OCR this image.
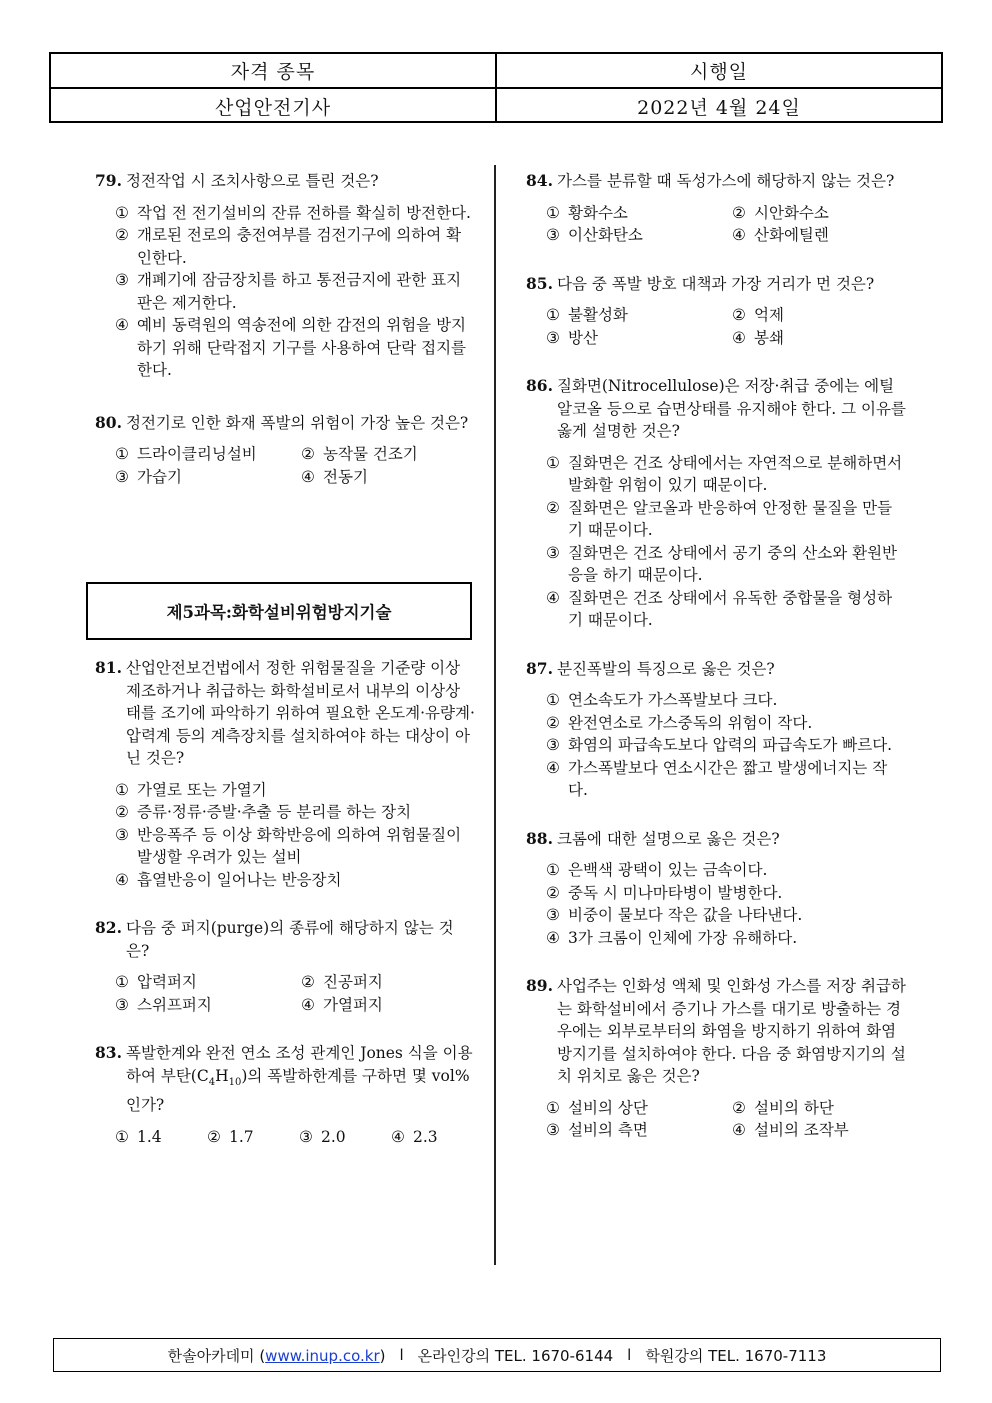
자격 종목	시행일
산업안전기사	2022년 4월 24일
79. 정전작업 시 조치사항으로 틀린 것은?
① 작업 전 전기설비의 잔류 전하를 확실히 방전한다.
② 개로된 전로의 충전여부를 검전기구에 의하여 확인한다.
③ 개폐기에 잠금장치를 하고 통전금지에 관한 표지판은 제거한다.
④ 예비 동력원의 역송전에 의한 감전의 위험을 방지하기 위해 단락접지 기구를 사용하여 단락 접지를 한다.
80. 정전기로 인한 화재 폭발의 위험이 가장 높은 것은?
① 드라이클리닝설비	② 농작물 건조기
③ 가습기	④ 전동기
제5과목:화학설비위험방지기술
81. 산업안전보건법에서 정한 위험물질을 기준량 이상 제조하거나 취급하는 화학설비로서 내부의 이상상태를 조기에 파악하기 위하여 필요한 온도계·유량계·압력계 등의 계측장치를 설치하여야 하는 대상이 아닌 것은?
① 가열로 또는 가열기
② 증류·정류·증발·추출 등 분리를 하는 장치
③ 반응폭주 등 이상 화학반응에 의하여 위험물질이 발생할 우려가 있는 설비
④ 흡열반응이 일어나는 반응장치
82. 다음 중 퍼지(purge)의 종류에 해당하지 않는 것은?
① 압력퍼지	② 진공퍼지
③ 스위프퍼지	④ 가열퍼지
83. 폭발한계와 완전 연소 조성 관계인 Jones 식을 이용하여 부탄$(C_4H_{10})$의 폭발하한계를 구하면 몇 vol% 인가?
① 1.4	② 1.7	③ 2.0	④ 2.3
84. 가스를 분류할 때 독성가스에 해당하지 않는 것은?
① 황화수소	② 시안화수소
③ 이산화탄소	④ 산화에틸렌
85. 다음 중 폭발 방호 대책과 가장 거리가 먼 것은?
① 불활성화	② 억제
③ 방산	④ 봉쇄
86. 질화면(Nitrocellulose)은 저장·취급 중에는 에틸알코올 등으로 습면상태를 유지해야 한다. 그 이유를 옳게 설명한 것은?
① 질화면은 건조 상태에서는 자연적으로 분해하면서 발화할 위험이 있기 때문이다.
② 질화면은 알코올과 반응하여 안정한 물질을 만들기 때문이다.
③ 질화면은 건조 상태에서 공기 중의 산소와 환원반응을 하기 때문이다.
④ 질화면은 건조 상태에서 유독한 중합물을 형성하기 때문이다.
87. 분진폭발의 특징으로 옳은 것은?
① 연소속도가 가스폭발보다 크다.
② 완전연소로 가스중독의 위험이 작다.
③ 화염의 파급속도보다 압력의 파급속도가 빠르다.
④ 가스폭발보다 연소시간은 짧고 발생에너지는 작다.
88. 크롬에 대한 설명으로 옳은 것은?
① 은백색 광택이 있는 금속이다.
② 중독 시 미나마타병이 발병한다.
③ 비중이 물보다 작은 값을 나타낸다.
④ 3가 크롬이 인체에 가장 유해하다.
89. 사업주는 인화성 액체 및 인화성 가스를 저장 취급하는 화학설비에서 증기나 가스를 대기로 방출하는 경우에는 외부로부터의 화염을 방지하기 위하여 화염방지기를 설치하여야 한다. 다음 중 화염방지기의 설치 위치로 옳은 것은?
① 설비의 상단	② 설비의 하단
③ 설비의 측면	④ 설비의 조작부
한솔아카데미 (www.inup.co.kr) l 온라인강의 TEL. 1670-6144 l 학원강의 TEL. 1670-7113
